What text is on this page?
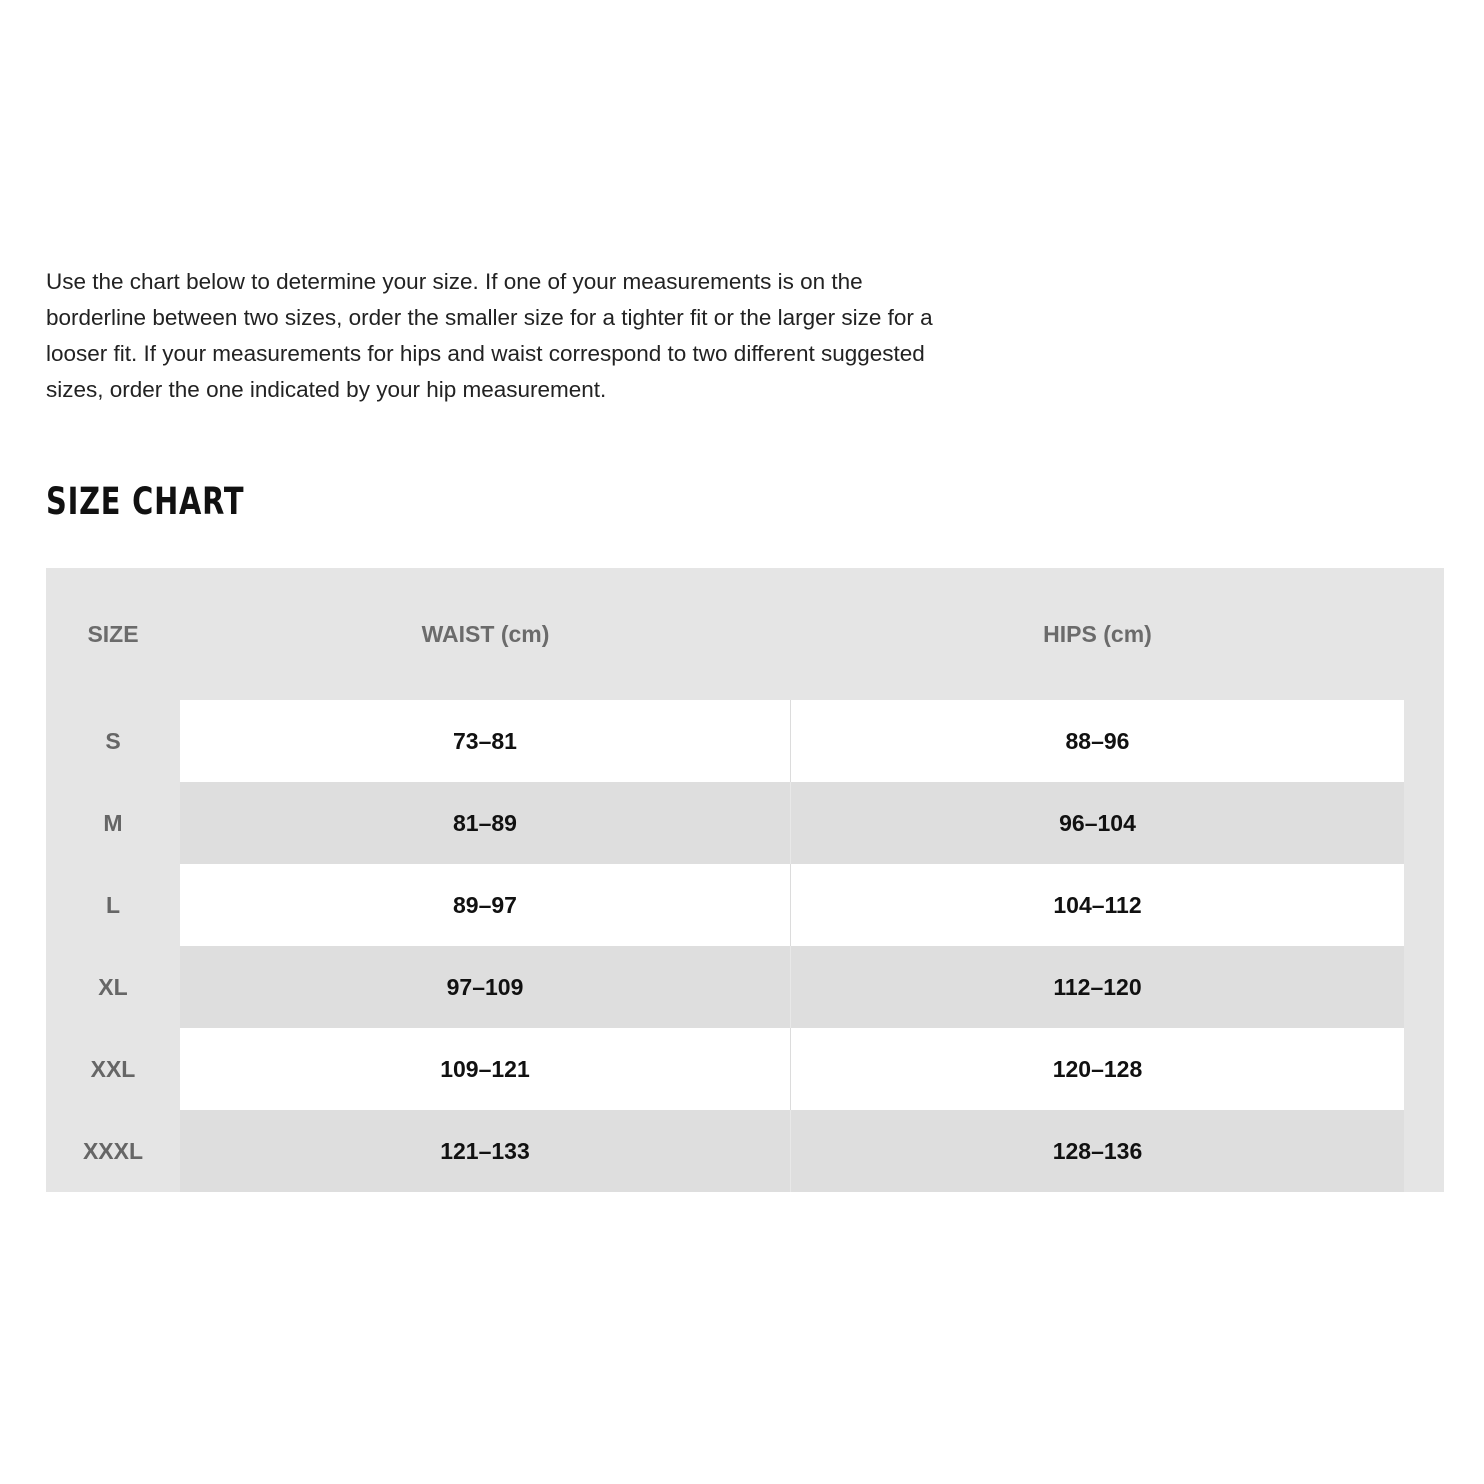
Use the chart below to determine your size. If one of your measurements is on the borderline between two sizes, order the smaller size for a tighter fit or the larger size for a looser fit. If your measurements for hips and waist correspond to two different suggested sizes, order the one indicated by your hip measurement.

SIZE CHART
SIZE	WAIST (cm)	HIPS (cm)
S	73–81	88–96
M	81–89	96–104
L	89–97	104–112
XL	97–109	112–120
XXL	109–121	120–128
XXXL	121–133	128–136
